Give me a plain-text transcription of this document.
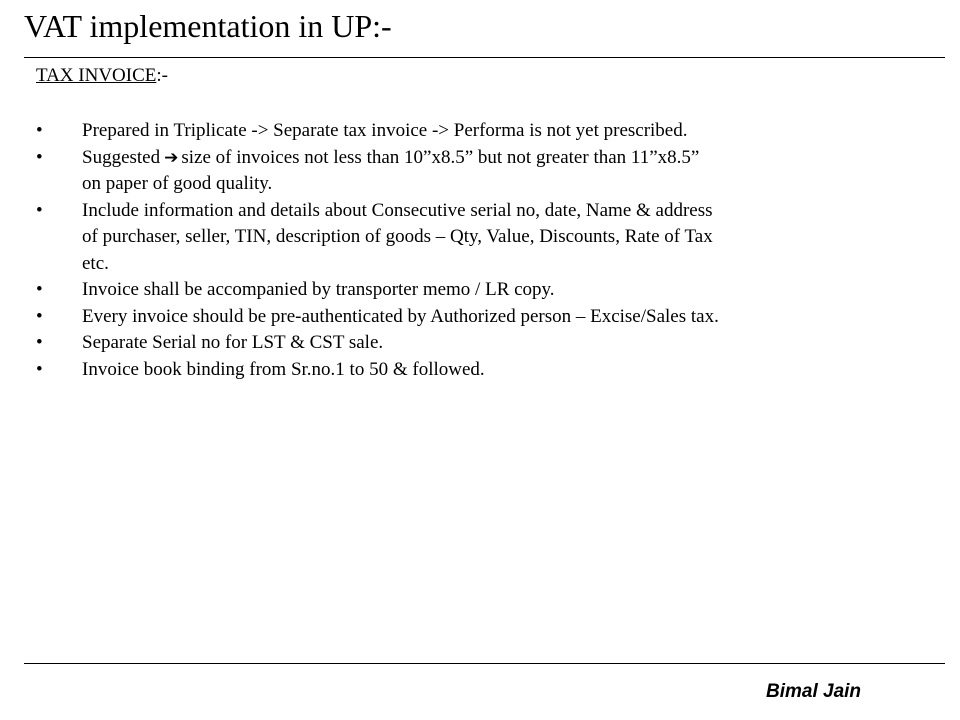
VAT implementation in UP:-
TAX INVOICE:-
• Prepared in Triplicate -> Separate tax invoice -> Performa is not yet prescribed.
• Suggested ➔ size of invoices not less than 10”x8.5” but not greater than 11”x8.5”
on paper of good quality.
• Include information and details about Consecutive serial no, date, Name & address
of purchaser, seller, TIN, description of goods – Qty, Value, Discounts, Rate of Tax
etc.
• Invoice shall be accompanied by transporter memo / LR copy.
• Every invoice should be pre-authenticated by Authorized person – Excise/Sales tax.
• Separate Serial no for LST & CST sale.
• Invoice book binding from Sr.no.1 to 50 & followed.
Bimal Jain
